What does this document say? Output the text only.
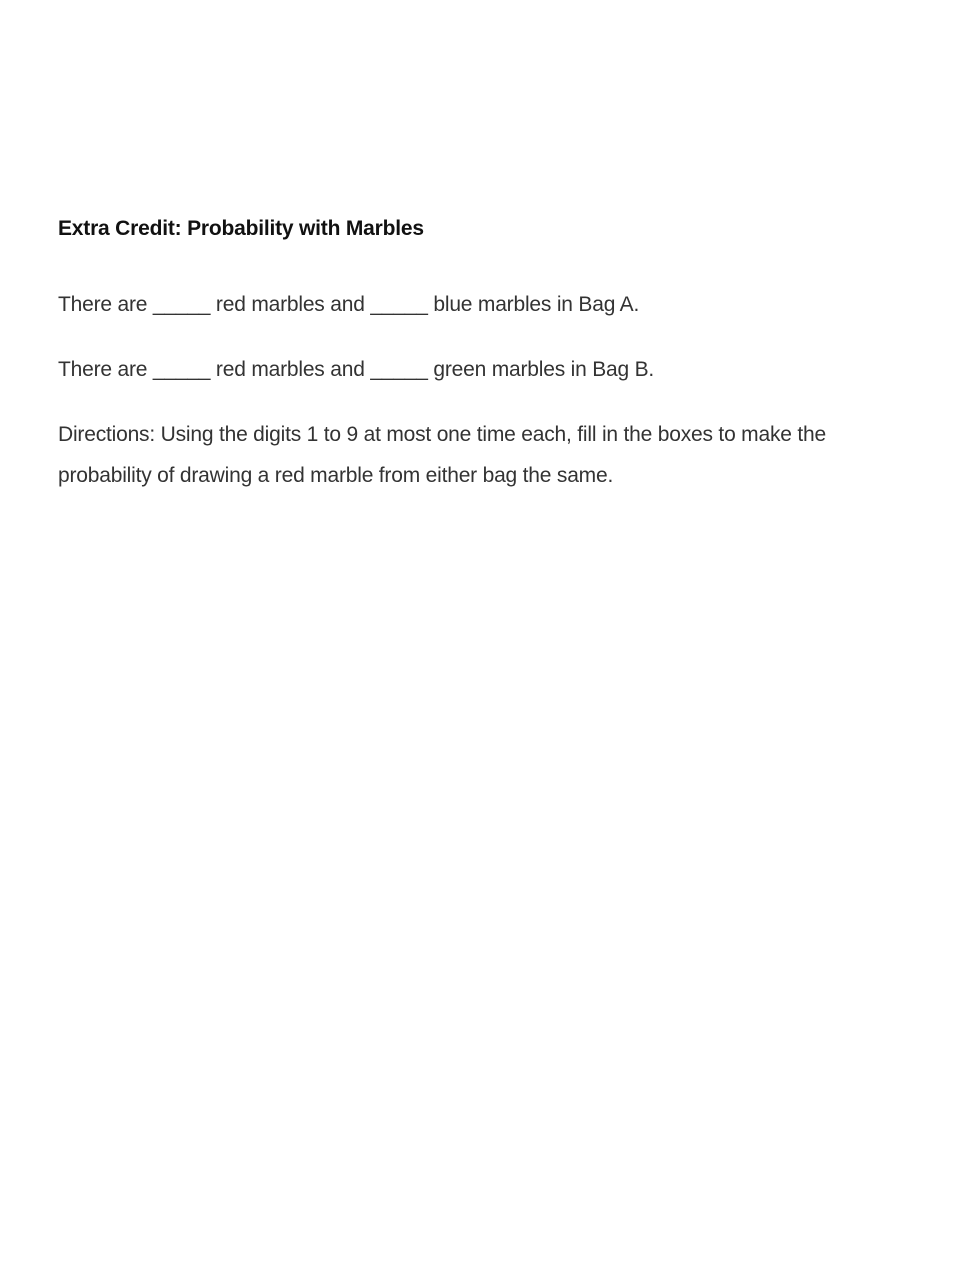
Extra Credit: Probability with Marbles

There are _____ red marbles and _____ blue marbles in Bag A.

There are _____ red marbles and _____ green marbles in Bag B.

Directions: Using the digits 1 to 9 at most one time each, fill in the boxes to make the probability of drawing a red marble from either bag the same.
